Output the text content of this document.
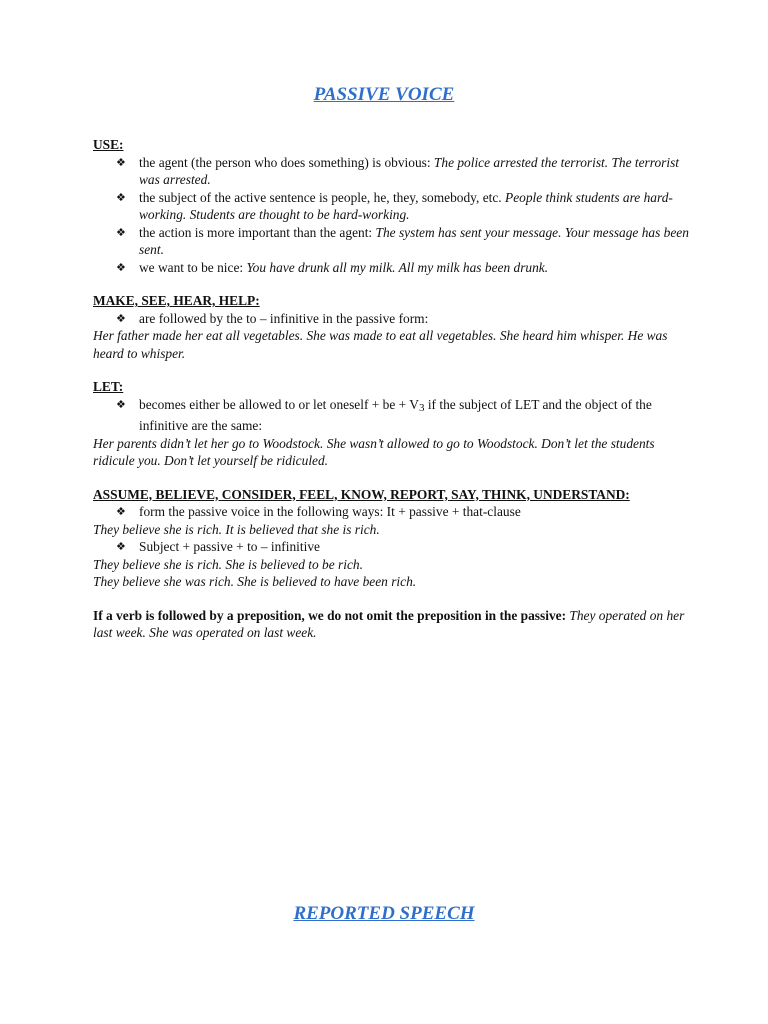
PASSIVE VOICE

USE:

❖ the agent (the person who does something) is obvious: The police arrested the terrorist. The terrorist was arrested.
❖ the subject of the active sentence is people, he, they, somebody, etc. People think students are hard-working. Students are thought to be hard-working.
❖ the action is more important than the agent: The system has sent your message. Your message has been sent.
❖ we want to be nice: You have drunk all my milk. All my milk has been drunk.

MAKE, SEE, HEAR, HELP:

❖ are followed by the to – infinitive in the passive form:

Her father made her eat all vegetables. She was made to eat all vegetables. She heard him whisper. He was heard to whisper.

LET:

❖ becomes either be allowed to or let oneself + be + $V_3$ if the subject of LET and the object of the infinitive are the same:

Her parents didn’t let her go to Woodstock. She wasn’t allowed to go to Woodstock. Don’t let the students ridicule you. Don’t let yourself be ridiculed.

ASSUME, BELIEVE, CONSIDER, FEEL, KNOW, REPORT, SAY, THINK, UNDERSTAND:

❖ form the passive voice in the following ways: It + passive + that-clause

They believe she is rich. It is believed that she is rich.

❖ Subject + passive + to – infinitive

They believe she is rich. She is believed to be rich.

They believe she was rich. She is believed to have been rich.

If a verb is followed by a preposition, we do not omit the preposition in the passive: They operated on her last week. She was operated on last week.

REPORTED SPEECH
